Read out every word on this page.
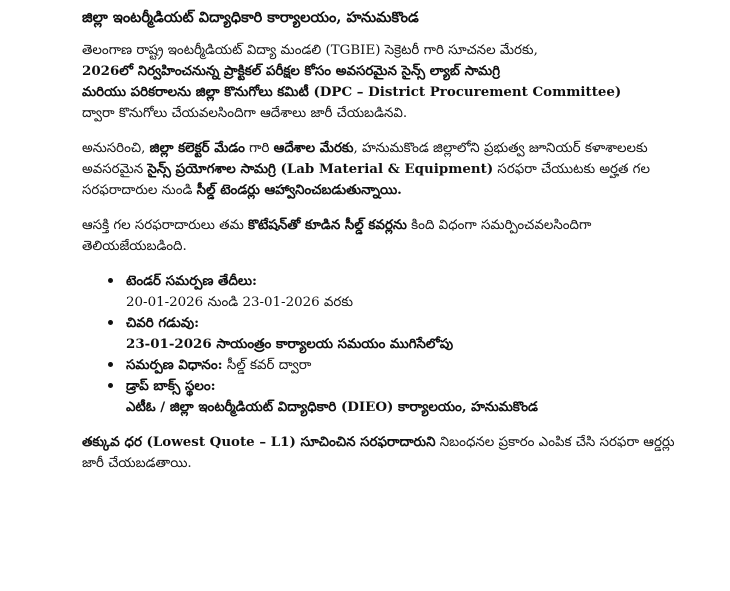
జిల్లా ఇంటర్మీడియట్ విద్యాధికారి కార్యాలయం, హనుమకొండ
తెలంగాణ రాష్ట్ర ఇంటర్మీడియట్ విద్యా మండలి (TGBIE) సెక్రెటరీ గారి సూచనల మేరకు,
2026లో నిర్వహించనున్న ప్రాక్టికల్ పరీక్షల కోసం అవసరమైన సైన్స్ ల్యాబ్ సామగ్రి
మరియు పరికరాలను జిల్లా కొనుగోలు కమిటీ (DPC – District Procurement Committee)
ద్వారా కొనుగోలు చేయవలసిందిగా ఆదేశాలు జారీ చేయబడినవి.
అనుసరించి, జిల్లా కలెక్టర్ మేడం గారి ఆదేశాల మేరకు, హనుమకొండ జిల్లాలోని ప్రభుత్వ జూనియర్ కళాశాలలకు అవసరమైన సైన్స్ ప్రయోగశాల సామగ్రి (Lab Material & Equipment) సరఫరా చేయుటకు అర్హత గల సరఫరాదారుల నుండి సీల్డ్ టెండర్లు ఆహ్వానించబడుతున్నాయి.
ఆసక్తి గల సరఫరాదారులు తమ కొటేషన్‌తో కూడిన సీల్డ్ కవర్లను కింది విధంగా సమర్పించవలసిందిగా తెలియజేయబడింది.
టెండర్ సమర్పణ తేదీలు:
20-01-2026 నుండి 23-01-2026 వరకు
చివరి గడువు:
23-01-2026 సాయంత్రం కార్యాలయ సమయం ముగిసేలోపు
సమర్పణ విధానం: సీల్డ్ కవర్ ద్వారా
డ్రాప్ బాక్స్ స్థలం:
ఎటీఓ / జిల్లా ఇంటర్మీడియట్ విద్యాధికారి (DIEO) కార్యాలయం, హనుమకొండ
తక్కువ ధర (Lowest Quote – L1) సూచించిన సరఫరాదారుని నిబంధనల ప్రకారం ఎంపిక చేసి సరఫరా ఆర్డర్లు జారీ చేయబడతాయి.
